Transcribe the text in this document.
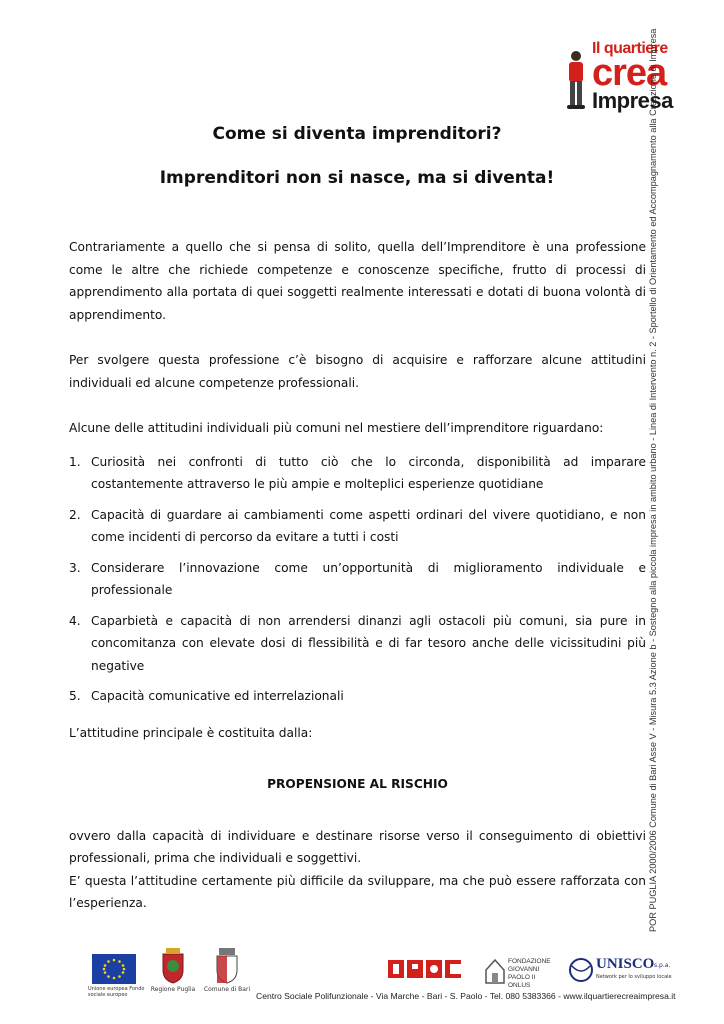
Il quartiere
crea
Impresa
POR PUGLIA 2000/2006 Comune di Bari Asse V - Misura 5.3 Azione b - Sostegno alla piccola impresa in ambito urbano - Linea di Intervento n. 2 - Sportello di Orientamento ed Accompagnamento alla Creazione di Impresa
Come si diventa imprenditori?
Imprenditori non si nasce, ma si diventa!

Contrariamente a quello che si pensa di solito, quella dell’Imprenditore è una professione come le altre che richiede competenze e conoscenze specifiche, frutto di processi di apprendimento alla portata di quei soggetti realmente interessati e dotati di buona volontà di apprendimento.

Per svolgere questa professione c’è bisogno di acquisire e rafforzare alcune attitudini individuali ed alcune competenze professionali.

Alcune delle attitudini individuali più comuni nel mestiere dell’imprenditore riguardano:

1. Curiosità nei confronti di tutto ciò che lo circonda, disponibilità ad imparare costantemente attraverso le più ampie e molteplici esperienze quotidiane
2. Capacità di guardare ai cambiamenti come aspetti ordinari del vivere quotidiano, e non come incidenti di percorso da evitare a tutti i costi
3. Considerare l’innovazione come un’opportunità di miglioramento individuale e professionale
4. Caparbietà e capacità di non arrendersi dinanzi agli ostacoli più comuni, sia pure in concomitanza con elevate dosi di flessibilità e di far tesoro anche delle vicissitudini più negative
5. Capacità comunicative ed interrelazionali

L’attitudine principale è costituita dalla:

PROPENSIONE AL RISCHIO

ovvero dalla capacità di individuare e destinare risorse verso il conseguimento di obiettivi professionali, prima che individuali e soggettivi.

E’ questa l’attitudine certamente più difficile da sviluppare, ma che può essere rafforzata con l’esperienza.

Unione europea Fondo sociale europeo
Regione Puglia	Comune di Bari
FONDAZIONE
GIOVANNI
PAOLO II ONLUS
UNISCO s.p.a.
Network per lo sviluppo locale
Centro Sociale Polifunzionale - Via Marche - Bari - S. Paolo - Tel. 080 5383366 - www.ilquartierecreaimpresa.it
